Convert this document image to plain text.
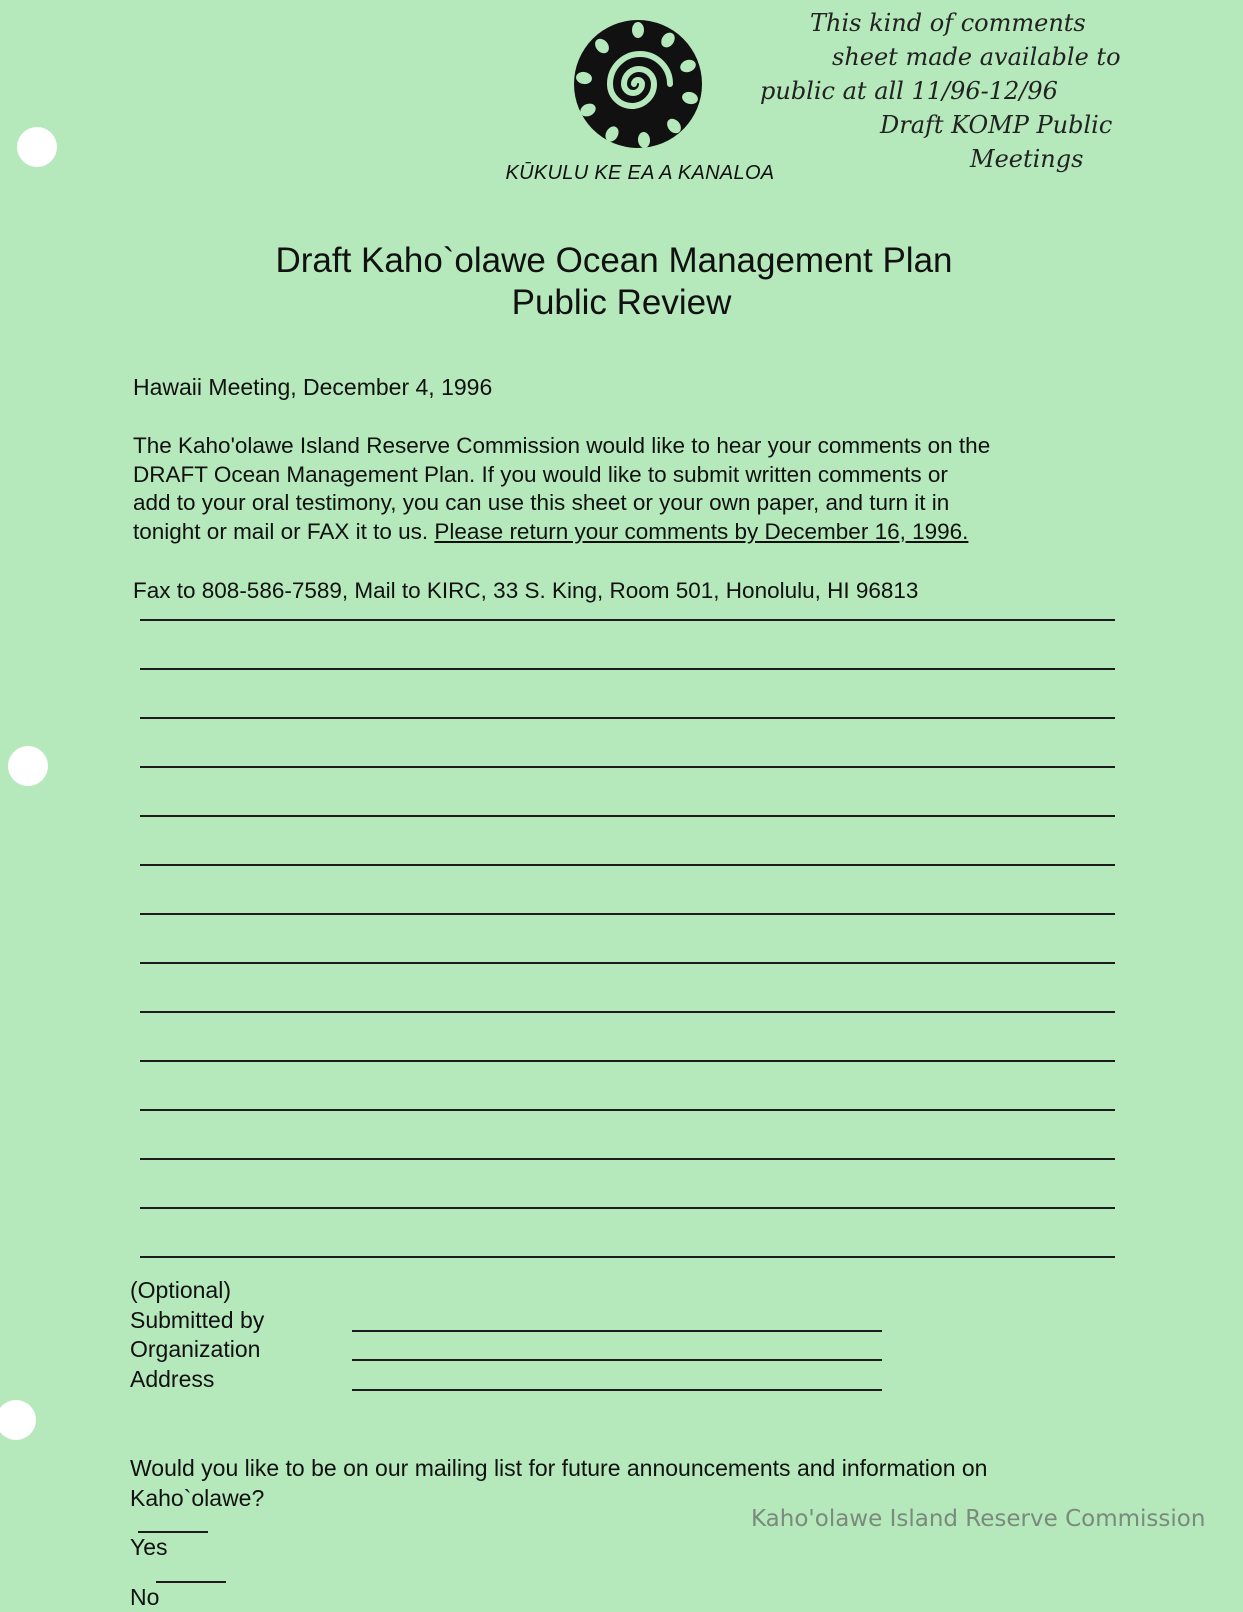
KŪKULU KE EA A KANALOA
This kind of comments
sheet made available to
public at all 11/96-12/96
Draft KOMP Public
Meetings
Draft Kaho`olawe Ocean Management Plan
Public Review
Hawaii Meeting, December 4, 1996
The Kaho'olawe Island Reserve Commission would like to hear your comments on the
DRAFT Ocean Management Plan. If you would like to submit written comments or
add to your oral testimony, you can use this sheet or your own paper, and turn it in
tonight or mail or FAX it to us. Please return your comments by December 16, 1996.
Fax to 808-586-7589, Mail to KIRC, 33 S. King, Room 501, Honolulu, HI 96813
(Optional)
Submitted by
Organization
Address
Would you like to be on our mailing list for future announcements and information on
Kaho`olawe?
Yes
No
Kaho'olawe Island Reserve Commission
